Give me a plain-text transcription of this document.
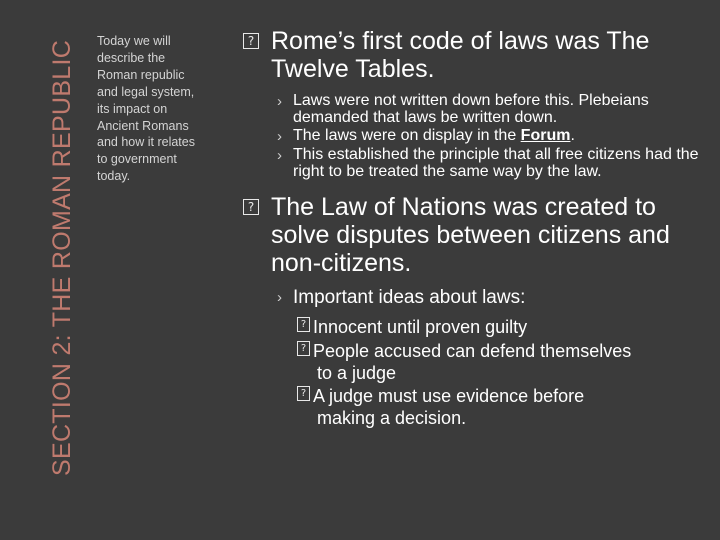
SECTION 2: THE ROMAN REPUBLIC Today we will describe the Roman republic and legal system, its impact on Ancient Romans and how it relates to government today.
? Rome’s first code of laws was The Twelve Tables.
› Laws were not written down before this. Plebeians demanded that laws be written down.
› The laws were on display in the Forum.
› This established the principle that all free citizens had the right to be treated the same way by the law.
? The Law of Nations was created to solve disputes between citizens and non-citizens.
› Important ideas about laws:
? Innocent until proven guilty
? People accused can defend themselves
to a judge
? A judge must use evidence before
making a decision.
